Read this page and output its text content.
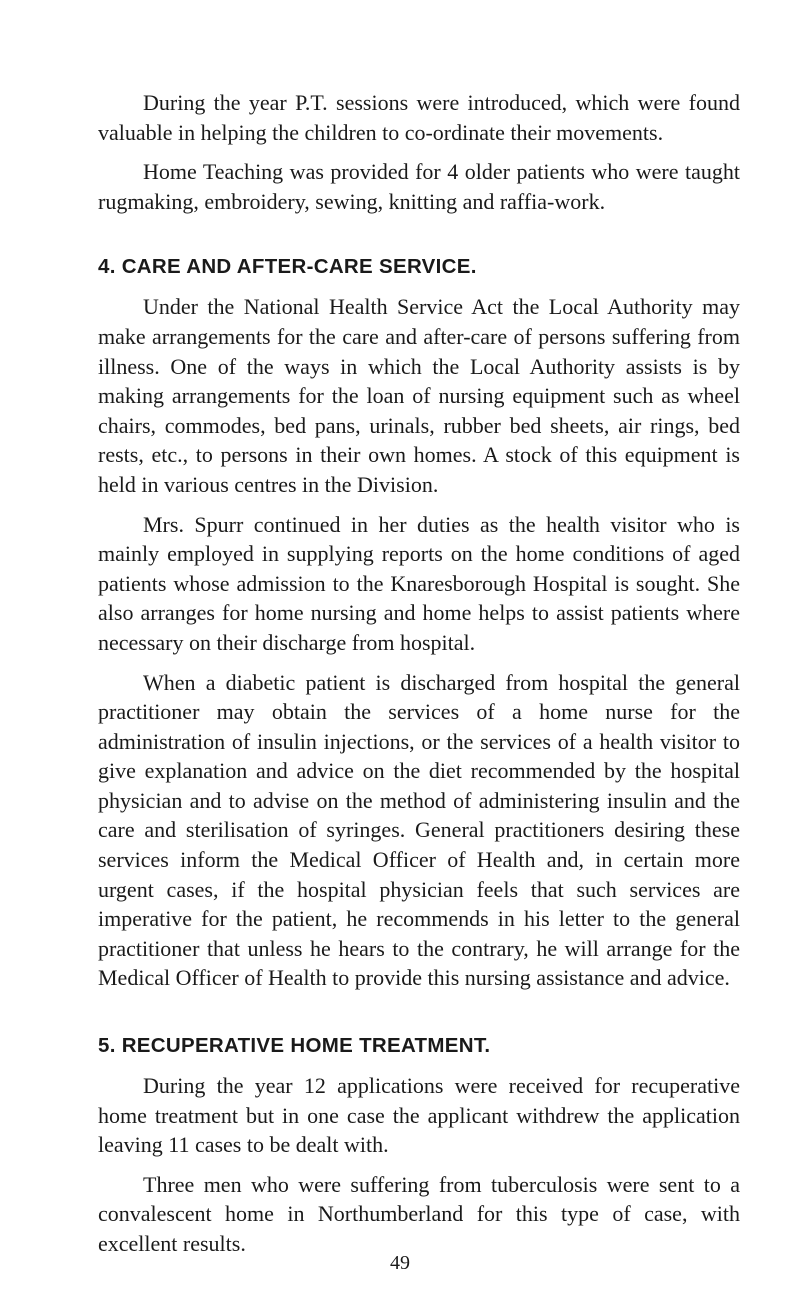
During the year P.T. sessions were introduced, which were found valuable in helping the children to co-ordinate their movements.

Home Teaching was provided for 4 older patients who were taught rugmaking, embroidery, sewing, knitting and raffia-work.

4. CARE AND AFTER-CARE SERVICE.

Under the National Health Service Act the Local Authority may make arrangements for the care and after-care of persons suffering from illness. One of the ways in which the Local Authority assists is by making arrangements for the loan of nursing equipment such as wheel chairs, commodes, bed pans, urinals, rubber bed sheets, air rings, bed rests, etc., to persons in their own homes. A stock of this equipment is held in various centres in the Division.

Mrs. Spurr continued in her duties as the health visitor who is mainly employed in supplying reports on the home conditions of aged patients whose admission to the Knaresborough Hospital is sought. She also arranges for home nursing and home helps to assist patients where necessary on their discharge from hospital.

When a diabetic patient is discharged from hospital the general practitioner may obtain the services of a home nurse for the administration of insulin injections, or the services of a health visitor to give explanation and advice on the diet recommended by the hospital physician and to advise on the method of administering insulin and the care and sterilisation of syringes. General practitioners desiring these services inform the Medical Officer of Health and, in certain more urgent cases, if the hospital physician feels that such services are imperative for the patient, he recommends in his letter to the general practitioner that unless he hears to the contrary, he will arrange for the Medical Officer of Health to provide this nursing assistance and advice.

5. RECUPERATIVE HOME TREATMENT.

During the year 12 applications were received for recuperative home treatment but in one case the applicant withdrew the application leaving 11 cases to be dealt with.

Three men who were suffering from tuberculosis were sent to a convalescent home in Northumberland for this type of case, with excellent results.

49
